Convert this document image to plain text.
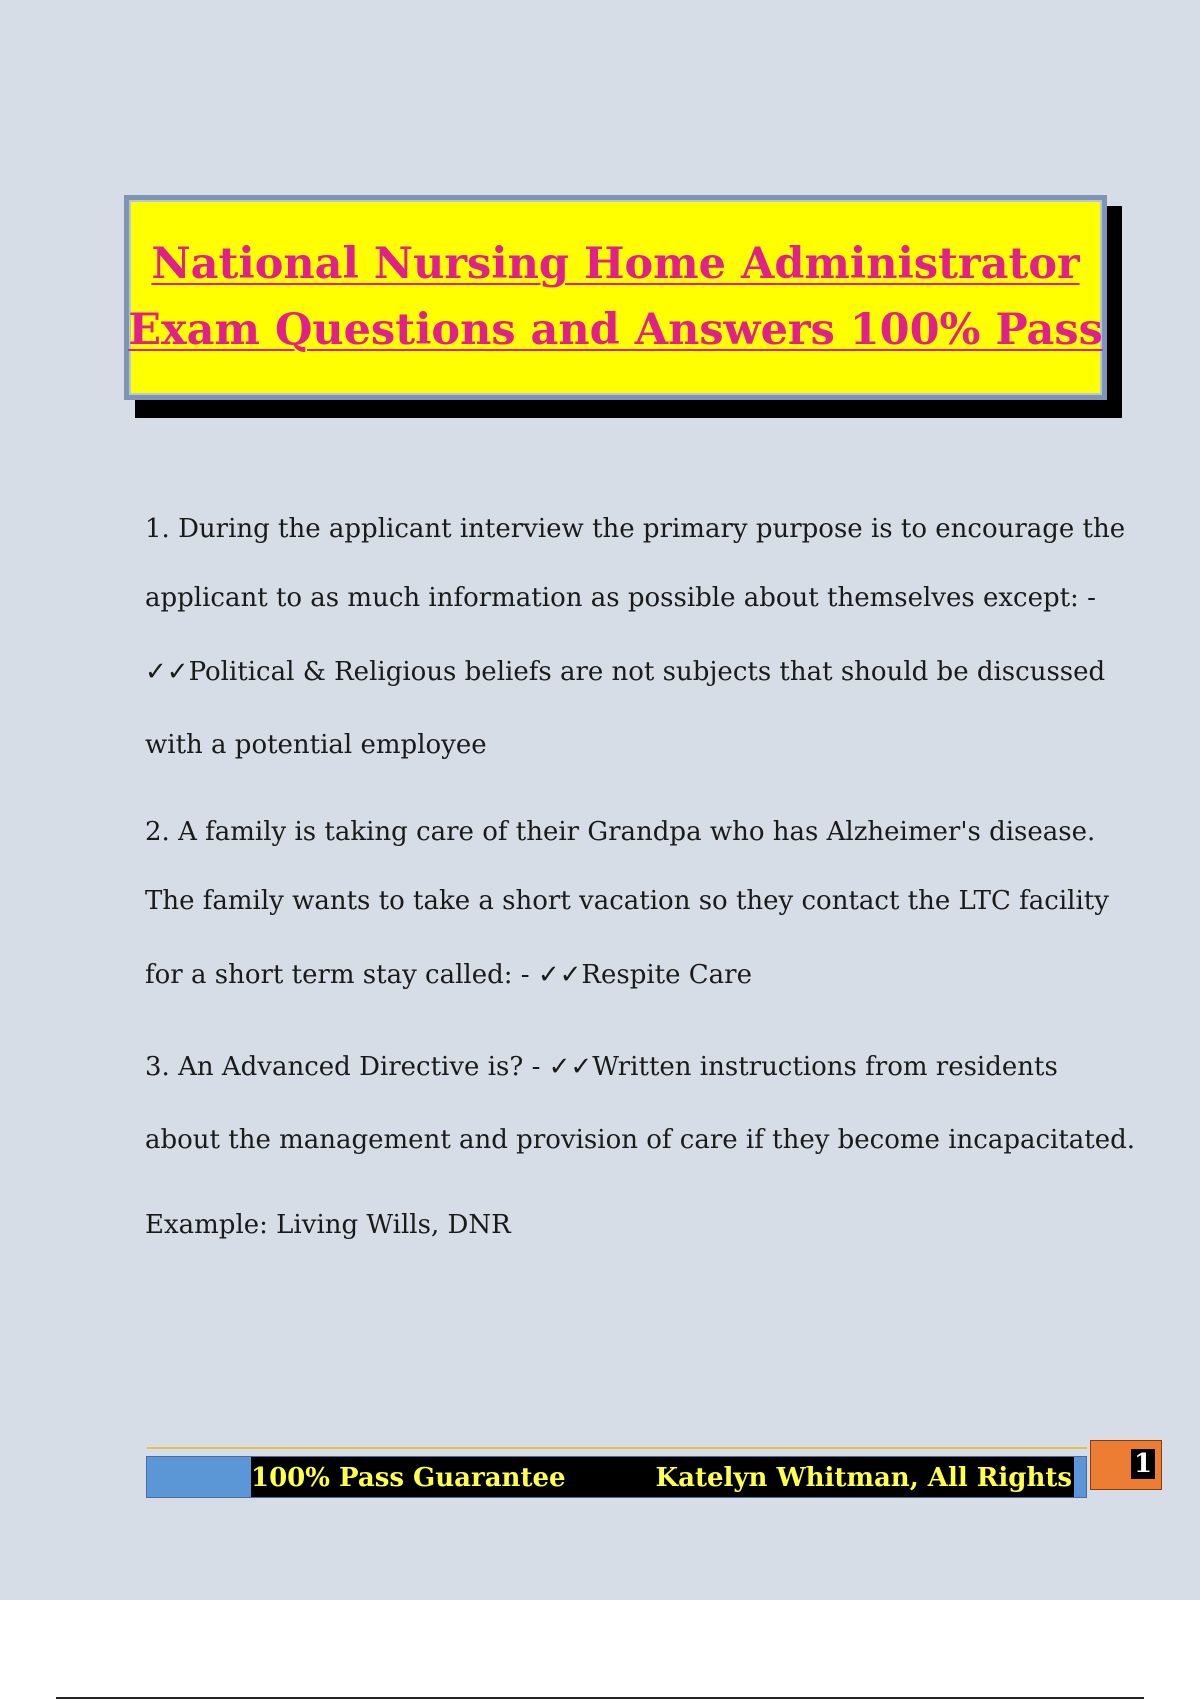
National Nursing Home Administrator
Exam Questions and Answers 100% Pass
1. During the applicant interview the primary purpose is to encourage the
applicant to as much information as possible about themselves except: -
✓✓Political & Religious beliefs are not subjects that should be discussed
with a potential employee
2. A family is taking care of their Grandpa who has Alzheimer's disease.
The family wants to take a short vacation so they contact the LTC facility
for a short term stay called: - ✓✓Respite Care
3. An Advanced Directive is? - ✓✓Written instructions from residents
about the management and provision of care if they become incapacitated.
Example: Living Wills, DNR
100% Pass Guarantee	Katelyn Whitman, All Rights 1
